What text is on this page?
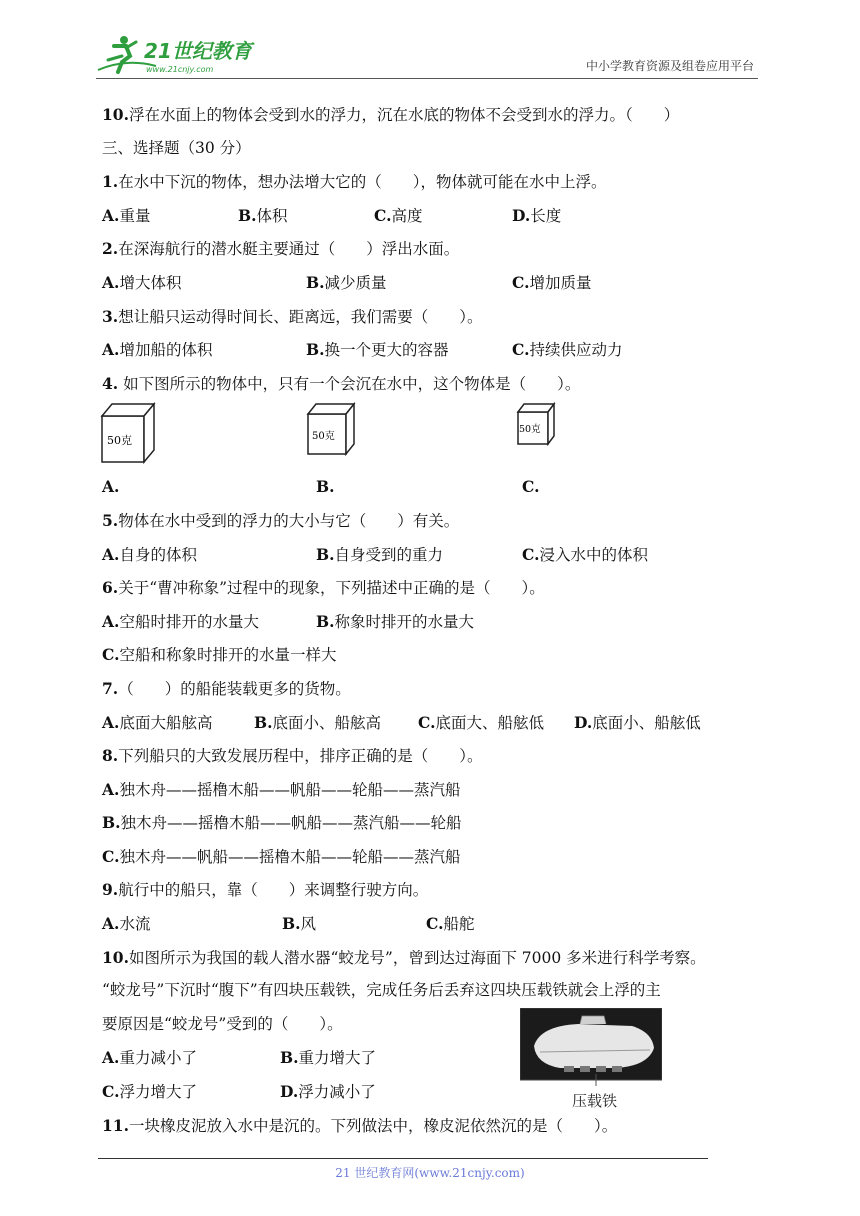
21世纪教育
www.21cnjy.com	中小学教育资源及组卷应用平台
10.浮在水面上的物体会受到水的浮力，沉在水底的物体不会受到水的浮力。（　　）
三、选择题（30 分）
1.在水中下沉的物体，想办法增大它的（　　），物体就可能在水中上浮。
A.重量	B.体积	C.高度	D.长度
2.在深海航行的潜水艇主要通过（　　）浮出水面。
A.增大体积	B.减少质量	C.增加质量
3.想让船只运动得时间长、距离远，我们需要（　　）。
A.增加船的体积	B.换一个更大的容器	C.持续供应动力
4. 如下图所示的物体中，只有一个会沉在水中，这个物体是（　　）。
50克	50克
50克
A.	B.	C.
5.物体在水中受到的浮力的大小与它（　　）有关。
A.自身的体积	B.自身受到的重力	C.浸入水中的体积
6.关于“曹冲称象”过程中的现象，下列描述中正确的是（　　）。
A.空船时排开的水量大	B.称象时排开的水量大
C.空船和称象时排开的水量一样大
7.（　　）的船能装载更多的货物。
A.底面大船舷高	B.底面小、船舷高 C.底面大、船舷低 D.底面小、船舷低
8.下列船只的大致发展历程中，排序正确的是（　　）。
A.独木舟——摇橹木船——帆船——轮船——蒸汽船
B.独木舟——摇橹木船——帆船——蒸汽船——轮船
C.独木舟——帆船——摇橹木船——轮船——蒸汽船
9.航行中的船只，靠（　　）来调整行驶方向。
A.水流	B.风	C.船舵
10.如图所示为我国的载人潜水器“蛟龙号”，曾到达过海面下 7000 多米进行科学考察。
“蛟龙号”下沉时“腹下”有四块压载铁，完成任务后丢弃这四块压载铁就会上浮的主
要原因是“蛟龙号”受到的（　　）。
A.重力减小了	B.重力增大了
C.浮力增大了	D.浮力减小了
11.一块橡皮泥放入水中是沉的。下列做法中，橡皮泥依然沉的是（　　）。
压载铁
21 世纪教育网(www.21cnjy.com)
